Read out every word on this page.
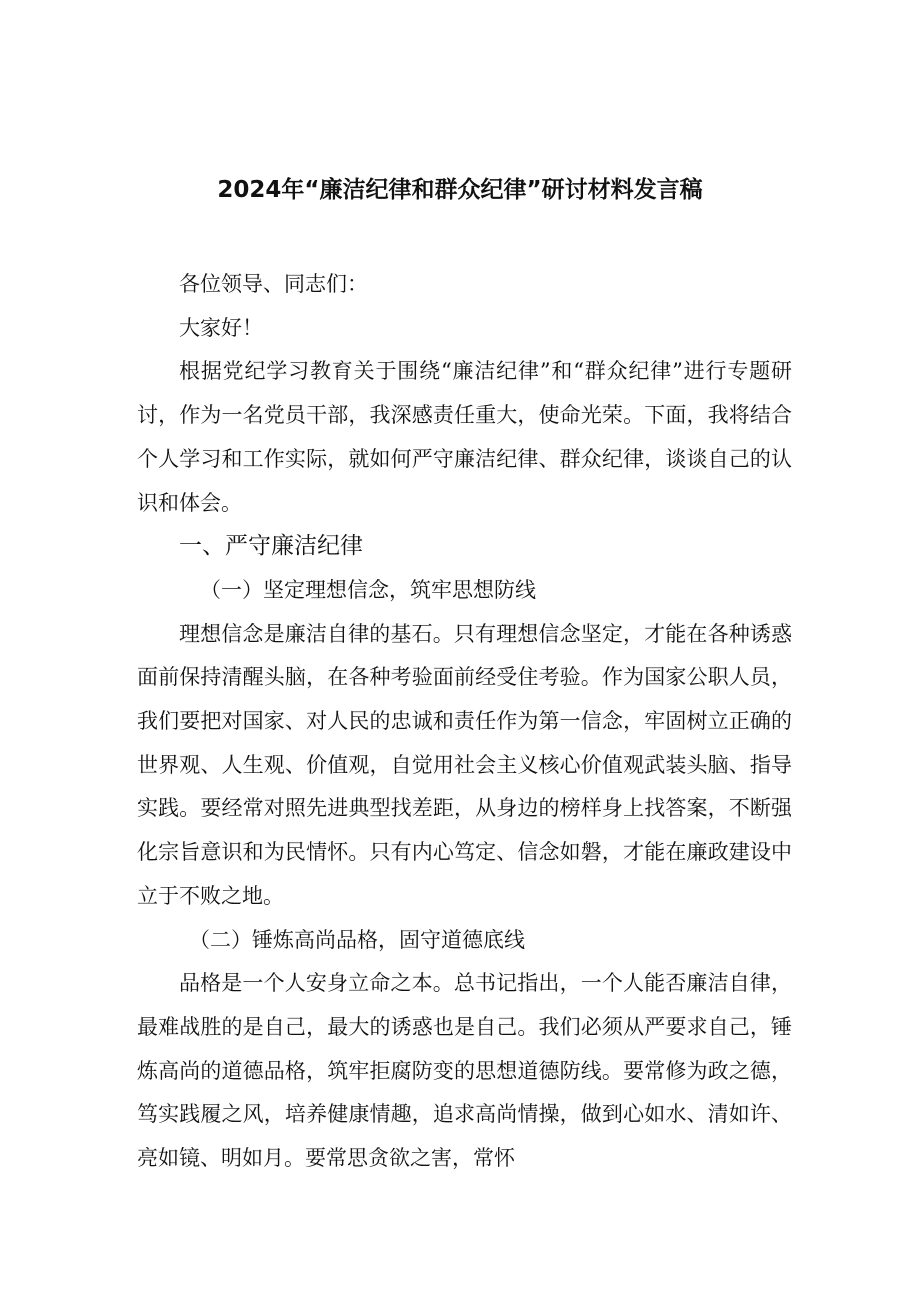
2024年“廉洁纪律和群众纪律”研讨材料发言稿

各位领导、同志们：

大家好！

根据党纪学习教育关于围绕“廉洁纪律”和“群众纪律”进行专题研讨，作为一名党员干部，我深感责任重大，使命光荣。下面，我将结合个人学习和工作实际，就如何严守廉洁纪律、群众纪律，谈谈自己的认识和体会。

一、严守廉洁纪律

（一）坚定理想信念，筑牢思想防线

理想信念是廉洁自律的基石。只有理想信念坚定，才能在各种诱惑面前保持清醒头脑，在各种考验面前经受住考验。作为国家公职人员，我们要把对国家、对人民的忠诚和责任作为第一信念，牢固树立正确的世界观、人生观、价值观，自觉用社会主义核心价值观武装头脑、指导实践。要经常对照先进典型找差距，从身边的榜样身上找答案，不断强化宗旨意识和为民情怀。只有内心笃定、信念如磐，才能在廉政建设中立于不败之地。

（二）锤炼高尚品格，固守道德底线

品格是一个人安身立命之本。总书记指出，一个人能否廉洁自律，最难战胜的是自己，最大的诱惑也是自己。我们必须从严要求自己，锤炼高尚的道德品格，筑牢拒腐防变的思想道德防线。要常修为政之德，笃实践履之风，培养健康情趣，追求高尚情操，做到心如水、清如许、亮如镜、明如月。要常思贪欲之害，常怀
